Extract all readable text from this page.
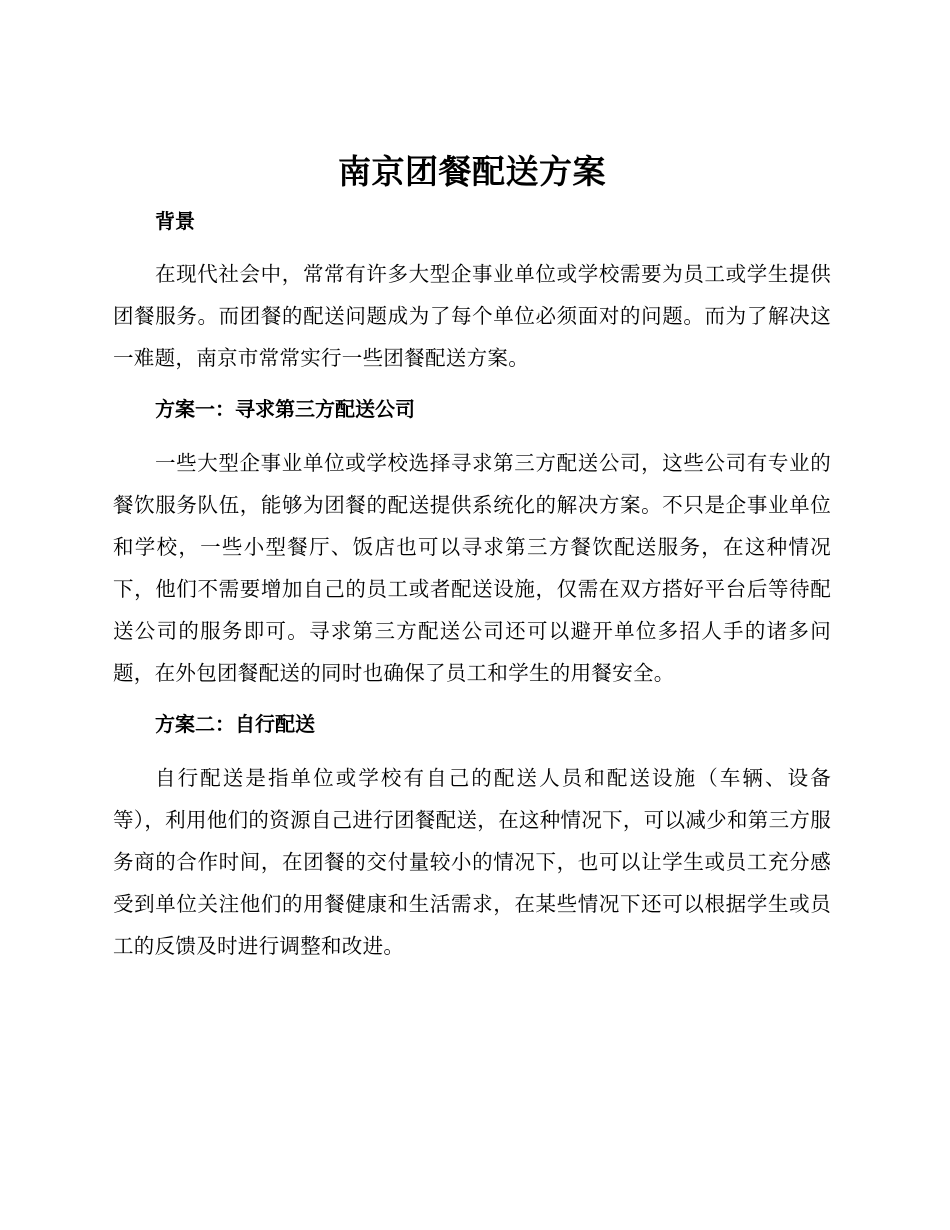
南京团餐配送方案
背景

在现代社会中，常常有许多大型企事业单位或学校需要为员工或学生提供团餐服务。而团餐的配送问题成为了每个单位必须面对的问题。而为了解决这一难题，南京市常常实行一些团餐配送方案。

方案一：寻求第三方配送公司

一些大型企事业单位或学校选择寻求第三方配送公司，这些公司有专业的餐饮服务队伍，能够为团餐的配送提供系统化的解决方案。不只是企事业单位和学校，一些小型餐厅、饭店也可以寻求第三方餐饮配送服务，在这种情况下，他们不需要增加自己的员工或者配送设施，仅需在双方搭好平台后等待配送公司的服务即可。寻求第三方配送公司还可以避开单位多招人手的诸多问题，在外包团餐配送的同时也确保了员工和学生的用餐安全。

方案二：自行配送

自行配送是指单位或学校有自己的配送人员和配送设施（车辆、设备等），利用他们的资源自己进行团餐配送，在这种情况下，可以减少和第三方服务商的合作时间，在团餐的交付量较小的情况下，也可以让学生或员工充分感受到单位关注他们的用餐健康和生活需求，在某些情况下还可以根据学生或员工的反馈及时进行调整和改进。
